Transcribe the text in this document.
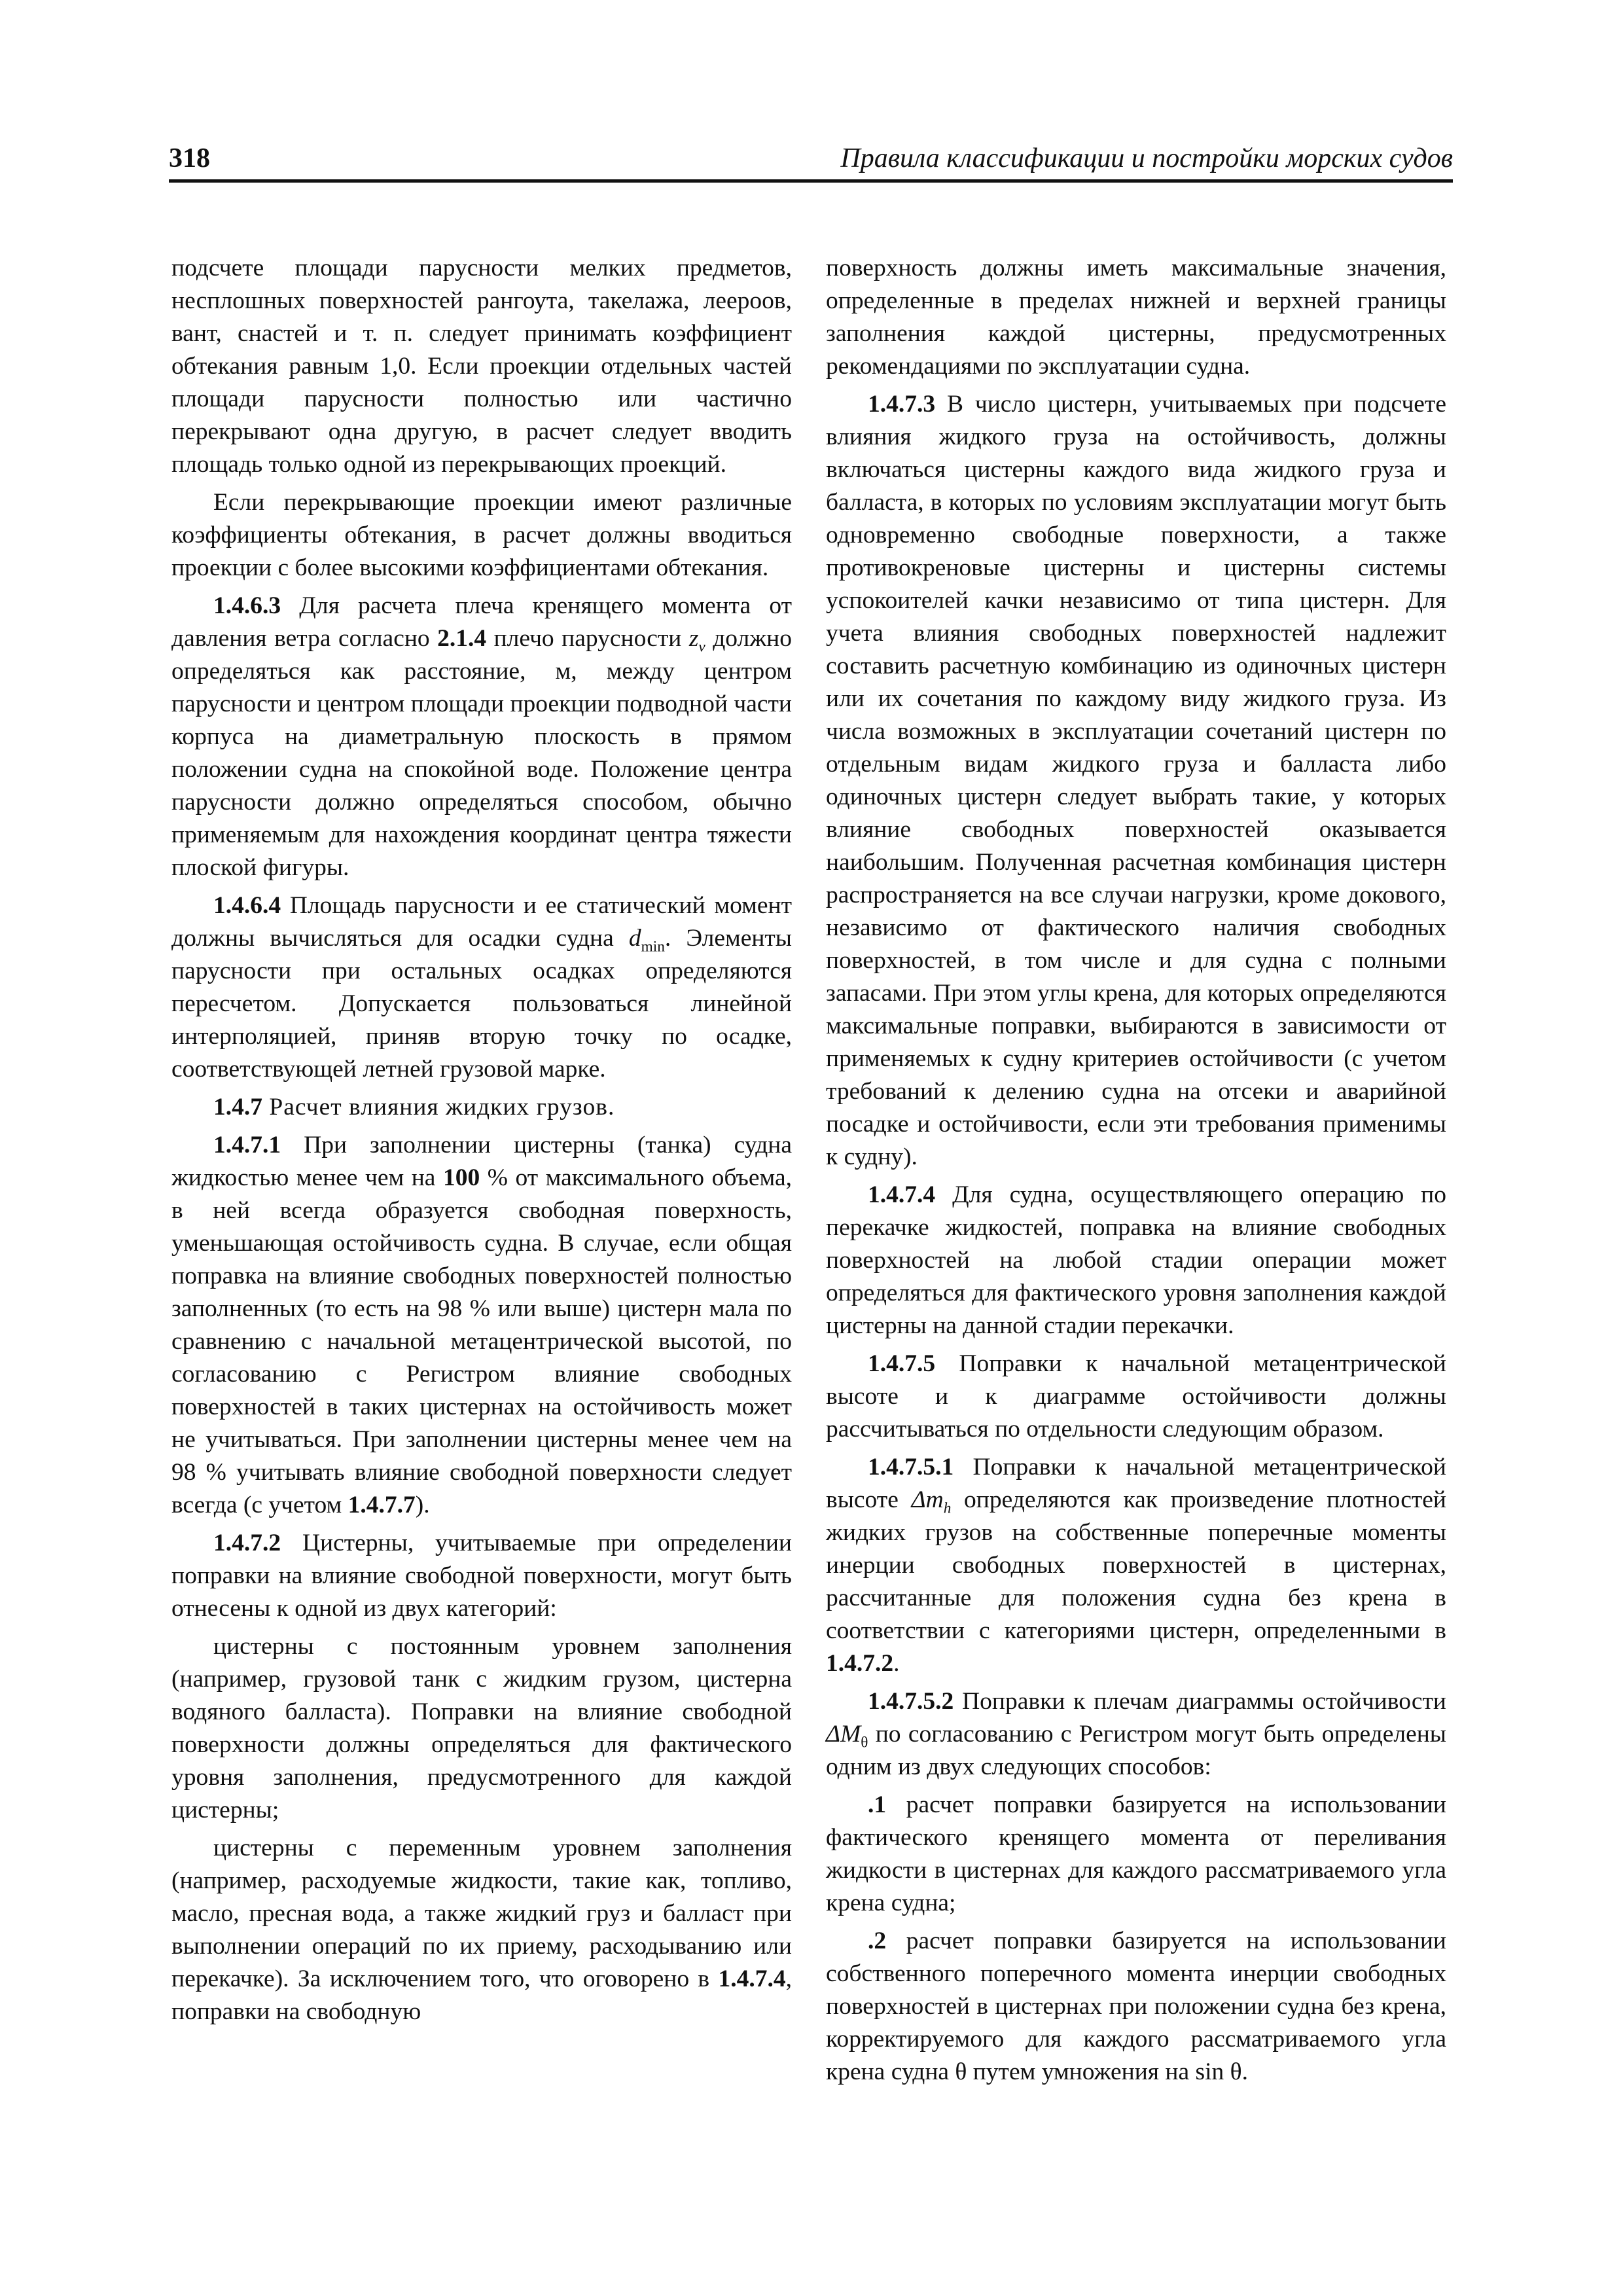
318	Правила классификации и постройки морских судов

подсчете площади парусности мелких предметов, несплошных поверхностей рангоута, такелажа, леероов, вант, снастей и т. п. следует принимать коэффициент обтекания равным 1,0. Если проекции отдельных частей площади парусности полностью или частично перекрывают одна другую, в расчет следует вводить площадь только одной из перекрывающих проекций.

Если перекрывающие проекции имеют различные коэффициенты обтекания, в расчет должны вводиться проекции с более высокими коэффициентами обтекания.

1.4.6.3 Для расчета плеча кренящего момента от давления ветра согласно 2.1.4 плечо парусности $z_v$ должно определяться как расстояние, м, между центром парусности и центром площади проекции подводной части корпуса на диаметральную плоскость в прямом положении судна на спокойной воде. Положение центра парусности должно определяться способом, обычно применяемым для нахождения координат центра тяжести плоской фигуры.

1.4.6.4 Площадь парусности и ее статический момент должны вычисляться для осадки судна $d_{min}$. Элементы парусности при остальных осадках определяются пересчетом. Допускается пользоваться линейной интерполяцией, приняв вторую точку по осадке, соответствующей летней грузовой марке.

1.4.7 Расчет влияния жидких грузов.

1.4.7.1 При заполнении цистерны (танка) судна жидкостью менее чем на 100 % от максимального объема, в ней всегда образуется свободная поверхность, уменьшающая остойчивость судна. В случае, если общая поправка на влияние свободных поверхностей полностью заполненных (то есть на 98 % или выше) цистерн мала по сравнению с начальной метацентрической высотой, по согласованию с Регистром влияние свободных поверхностей в таких цистернах на остойчивость может не учитываться. При заполнении цистерны менее чем на 98 % учитывать влияние свободной поверхности следует всегда (с учетом 1.4.7.7).

1.4.7.2 Цистерны, учитываемые при определении поправки на влияние свободной поверхности, могут быть отнесены к одной из двух категорий:

цистерны с постоянным уровнем заполнения (например, грузовой танк с жидким грузом, цистерна водяного балласта). Поправки на влияние свободной поверхности должны определяться для фактического уровня заполнения, предусмотренного для каждой цистерны;

цистерны с переменным уровнем заполнения (например, расходуемые жидкости, такие как, топливо, масло, пресная вода, а также жидкий груз и балласт при выполнении операций по их приему, расходыванию или перекачке). За исключением того, что оговорено в 1.4.7.4, поправки на свободную

поверхность должны иметь максимальные значения, определенные в пределах нижней и верхней границы заполнения каждой цистерны, предусмотренных рекомендациями по эксплуатации судна.

1.4.7.3 В число цистерн, учитываемых при подсчете влияния жидкого груза на остойчивость, должны включаться цистерны каждого вида жидкого груза и балласта, в которых по условиям эксплуатации могут быть одновременно свободные поверхности, а также противокреновые цистерны и цистерны системы успокоителей качки независимо от типа цистерн. Для учета влияния свободных поверхностей надлежит составить расчетную комбинацию из одиночных цистерн или их сочетания по каждому виду жидкого груза. Из числа возможных в эксплуатации сочетаний цистерн по отдельным видам жидкого груза и балласта либо одиночных цистерн следует выбрать такие, у которых влияние свободных поверхностей оказывается наибольшим. Полученная расчетная комбинация цистерн распространяется на все случаи нагрузки, кроме докового, независимо от фактического наличия свободных поверхностей, в том числе и для судна с полными запасами. При этом углы крена, для которых определяются максимальные поправки, выбираются в зависимости от применяемых к судну критериев остойчивости (с учетом требований к делению судна на отсеки и аварийной посадке и остойчивости, если эти требования применимы к судну).

1.4.7.4 Для судна, осуществляющего операцию по перекачке жидкостей, поправка на влияние свободных поверхностей на любой стадии операции может определяться для фактического уровня заполнения каждой цистерны на данной стадии перекачки.

1.4.7.5 Поправки к начальной метацентрической высоте и к диаграмме остойчивости должны рассчитываться по отдельности следующим образом.

1.4.7.5.1 Поправки к начальной метацентрической высоте $\Delta m_h$ определяются как произведение плотностей жидких грузов на собственные поперечные моменты инерции свободных поверхностей в цистернах, рассчитанные для положения судна без крена в соответствии с категориями цистерн, определенными в 1.4.7.2.

1.4.7.5.2 Поправки к плечам диаграммы остойчивости $\Delta M_\theta$ по согласованию с Регистром могут быть определены одним из двух следующих способов:

.1 расчет поправки базируется на использовании фактического кренящего момента от переливания жидкости в цистернах для каждого рассматриваемого угла крена судна;

.2 расчет поправки базируется на использовании собственного поперечного момента инерции свободных поверхностей в цистернах при положении судна без крена, корректируемого для каждого рассматриваемого угла крена судна θ путем умножения на sin θ.
